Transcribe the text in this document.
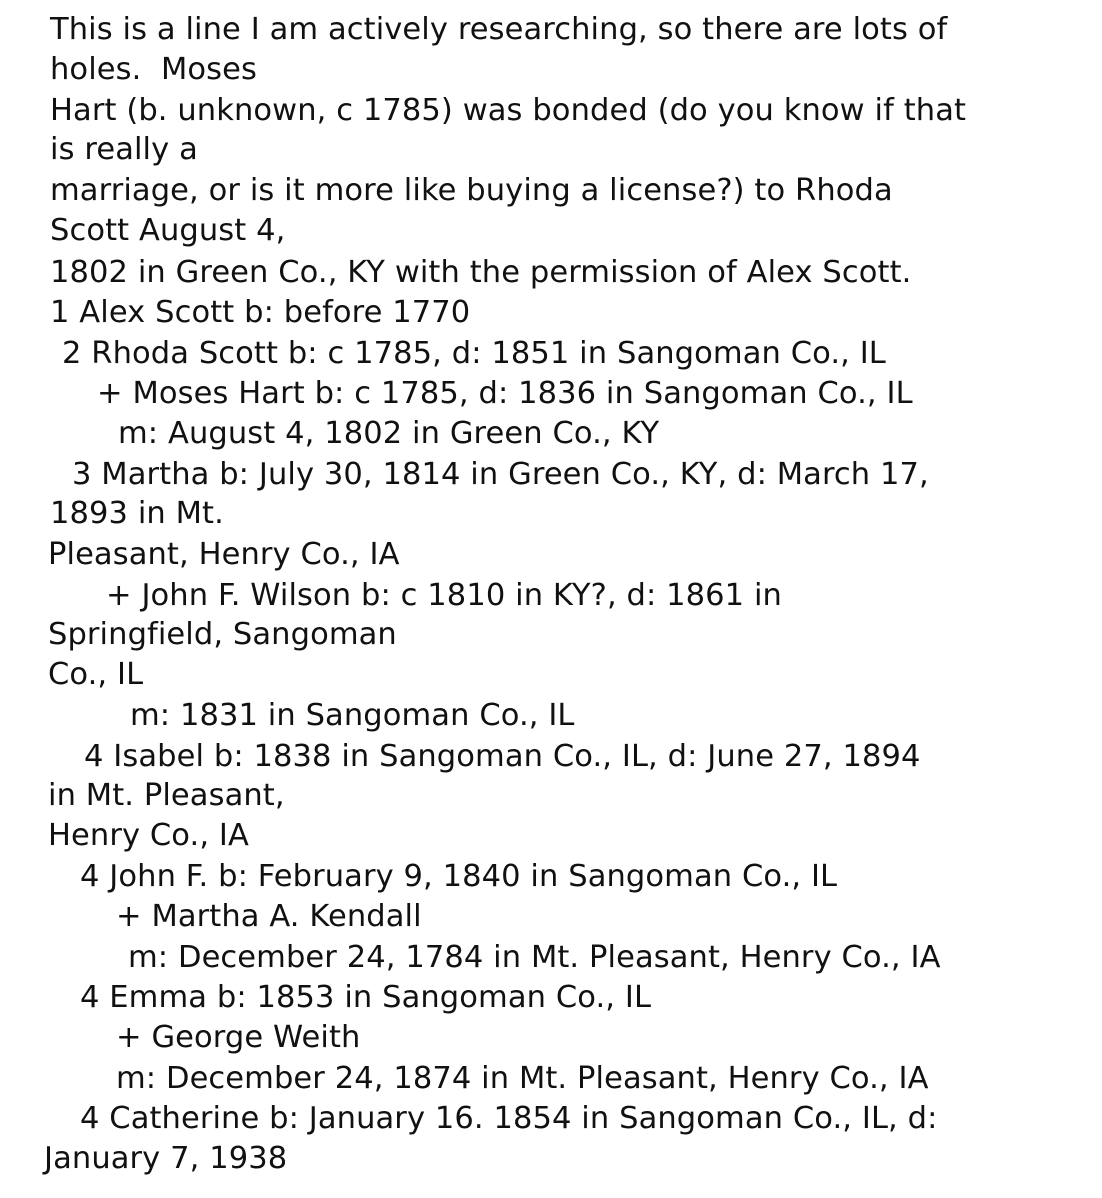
This is a line I am actively researching, so there are lots of
holes.  Moses
Hart (b. unknown, c 1785) was bonded (do you know if that
is really a
marriage, or is it more like buying a license?) to Rhoda
Scott August 4,
1802 in Green Co., KY with the permission of Alex Scott.
1 Alex Scott b: before 1770
2 Rhoda Scott b: c 1785, d: 1851 in Sangoman Co., IL
+ Moses Hart b: c 1785, d: 1836 in Sangoman Co., IL
m: August 4, 1802 in Green Co., KY
3 Martha b: July 30, 1814 in Green Co., KY, d: March 17,
1893 in Mt.
Pleasant, Henry Co., IA
+ John F. Wilson b: c 1810 in KY?, d: 1861 in
Springfield, Sangoman
Co., IL
m: 1831 in Sangoman Co., IL
4 Isabel b: 1838 in Sangoman Co., IL, d: June 27, 1894
in Mt. Pleasant,
Henry Co., IA
4 John F. b: February 9, 1840 in Sangoman Co., IL
+ Martha A. Kendall
m: December 24, 1784 in Mt. Pleasant, Henry Co., IA
4 Emma b: 1853 in Sangoman Co., IL
+ George Weith
m: December 24, 1874 in Mt. Pleasant, Henry Co., IA
4 Catherine b: January 16. 1854 in Sangoman Co., IL, d:
January 7, 1938
